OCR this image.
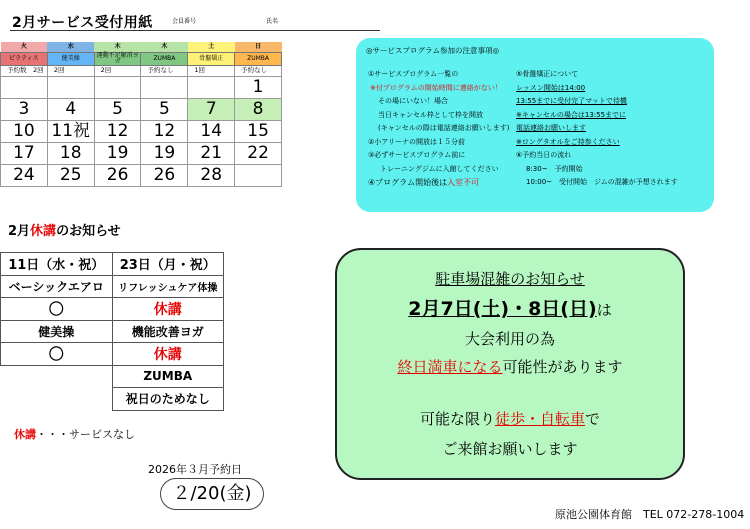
2月サービス受付用紙	会員番号	氏名
火	水	木	木	土	日
ピラティス	健美操	運動不足解消ヨガ	ZUMBA	骨盤矯正	ZUMBA
予約数　2回	2回	2回	予約なし	1回	予約なし
					1
3	4	5	5	7	8
10	11祝	12	12	14	15
17	18	19	19	21	22
24	25	26	26	28	
◎サービスプログラム参加の注意事項◎
①サービスプログラム一覧の
※付プログラムの開始時間に連絡がない！
その場にいない！場合
当日キャンセル枠として枠を開放
(キャンセルの際は電話連絡お願いします)
②小アリーナの開放は１５分前
③必ずサービスプログラム前に
トレーニングジムに入館してください
④プログラム開始後は入室不可
⑤骨盤矯正について
レッスン開始は14:00
13:55までに受付完了マットで待機
※キャンセルの場合は13:55までに
電話連絡お願いします
※ロングタオルをご持参ください
⑥予約当日の流れ
8:30~　予約開始
10:00~　受付開始　ジムの混雑が予想されます
2月休講のお知らせ
11日（水・祝）	23日（月・祝）
ベーシックエアロ	リフレッシュケア体操
〇	休講
健美操	機能改善ヨガ
〇	休講
	ZUMBA
	祝日のためなし
休講・・・サービスなし
2026年３月予約日
２/20(金)
駐車場混雑のお知らせ
2月7日(土)・8日(日)は
大会利用の為
終日満車になる可能性があります
可能な限り徒歩・自転車で
ご来館お願いします
原池公園体育館　TEL 072-278-1004
